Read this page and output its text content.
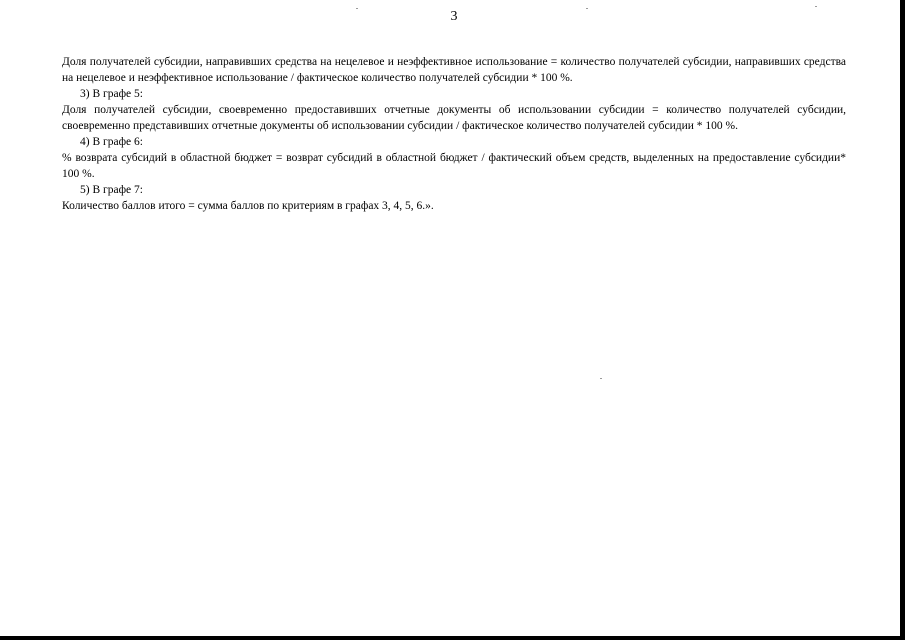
3

Доля получателей субсидии, направивших средства на нецелевое и неэффективное использование = количество получателей субсидии, направивших средства на нецелевое и неэффективное использование / фактическое количество получателей субсидии * 100 %.

3) В графе 5:

Доля получателей субсидии, своевременно предоставивших отчетные документы об использовании субсидии = количество получателей субсидии, своевременно представивших отчетные документы об использовании субсидии / фактическое количество получателей субсидии * 100 %.

4) В графе 6:

% возврата субсидий в областной бюджет = возврат субсидий в областной бюджет / фактический объем средств, выделенных на предоставление субсидии* 100 %.

5) В графе 7:

Количество баллов итого = сумма баллов по критериям в графах 3, 4, 5, 6.».
